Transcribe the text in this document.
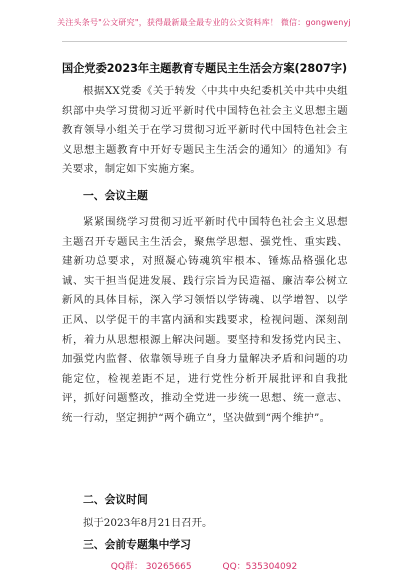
关注头条号"公文研究"，获得最新最全最专业的公文资料库！ 微信：gongwenyj
国企党委2023年主题教育专题民主生活会方案(2807字)
根据XX党委《关于转发〈中共中央纪委机关中共中央组织部中央学习贯彻习近平新时代中国特色社会主义思想主题教育领导小组关于在学习贯彻习近平新时代中国特色社会主义思想主题教育中开好专题民主生活会的通知〉的通知》有关要求，制定如下实施方案。
一、会议主题
紧紧围绕学习贯彻习近平新时代中国特色社会主义思想主题召开专题民主生活会，聚焦学思想、强党性、重实践、建新功总要求，对照凝心铸魂筑牢根本、锤炼品格强化忠诚、实干担当促进发展、践行宗旨为民造福、廉洁奉公树立新风的具体目标，深入学习领悟以学铸魂、以学增智、以学正风、以学促干的丰富内涵和实践要求，检视问题、深刻剖析，着力从思想根源上解决问题。要坚持和发扬党内民主、加强党内监督、依靠领导班子自身力量解决矛盾和问题的功能定位，检视差距不足，进行党性分析开展批评和自我批评，抓好问题整改，推动全党进一步统一思想、统一意志、统一行动，坚定拥护“两个确立”，坚决做到“两个维护”。
二、会议时间
拟于2023年8月21日召开。
三、会前专题集中学习
QQ群： 30265665	QQ：535304092
